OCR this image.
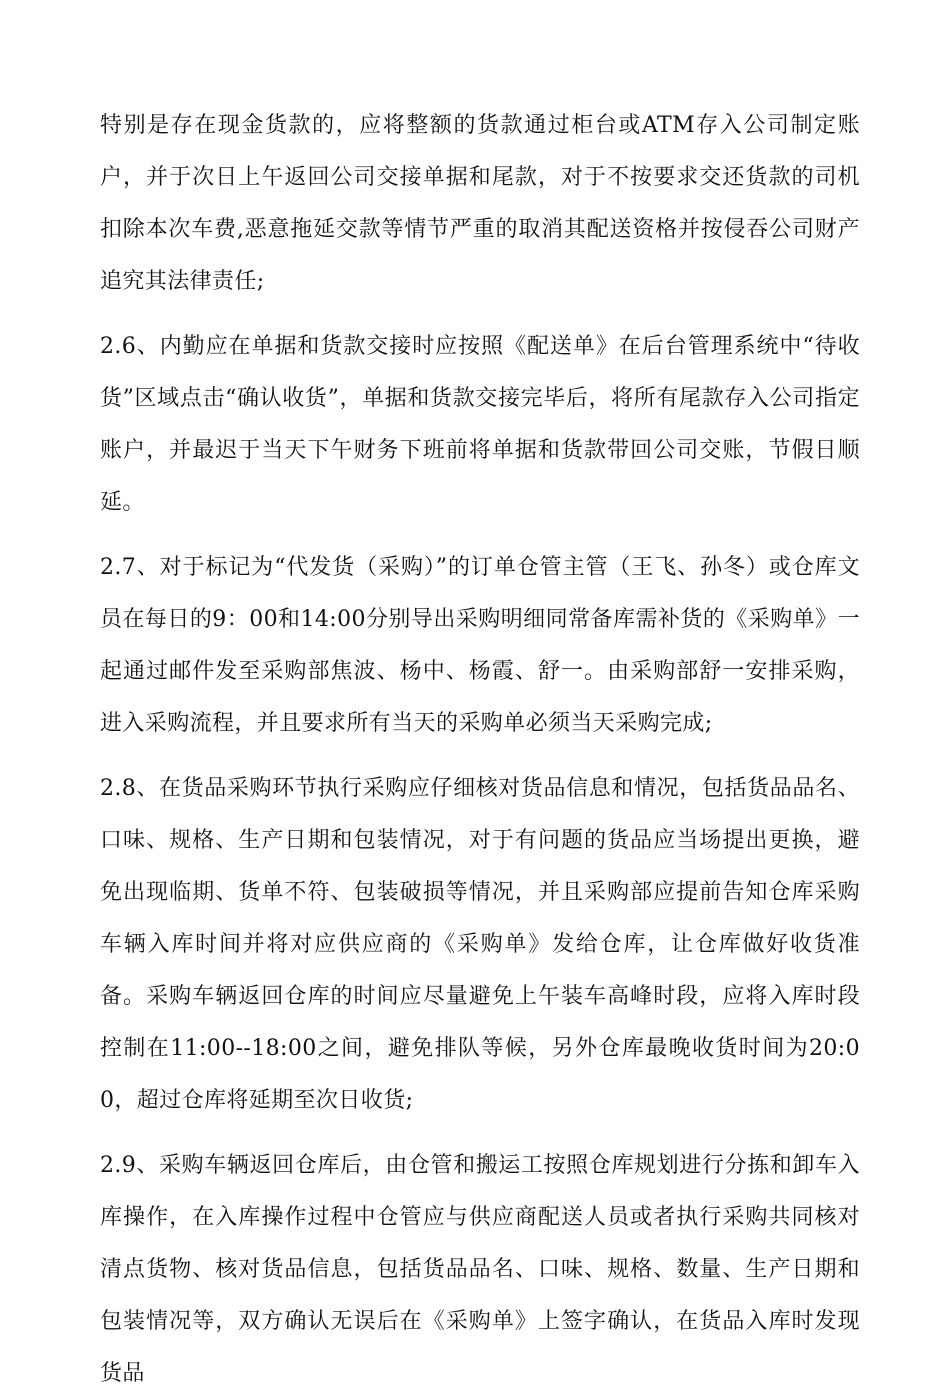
特别是存在现金货款的，应将整额的货款通过柜台或ATM存入公司制定账户，并于次日上午返回公司交接单据和尾款，对于不按要求交还货款的司机扣除本次车费,恶意拖延交款等情节严重的取消其配送资格并按侵吞公司财产追究其法律责任;

2.6、内勤应在单据和货款交接时应按照《配送单》在后台管理系统中“待收货”区域点击“确认收货”，单据和货款交接完毕后，将所有尾款存入公司指定账户，并最迟于当天下午财务下班前将单据和货款带回公司交账，节假日顺延。

2.7、对于标记为“代发货（采购）”的订单仓管主管（王飞、孙冬）或仓库文员在每日的9：00和14:00分别导出采购明细同常备库需补货的《采购单》一起通过邮件发至采购部焦波、杨中、杨霞、舒一。由采购部舒一安排采购，进入采购流程，并且要求所有当天的采购单必须当天采购完成;

2.8、在货品采购环节执行采购应仔细核对货品信息和情况，包括货品品名、口味、规格、生产日期和包装情况，对于有问题的货品应当场提出更换，避免出现临期、货单不符、包装破损等情况，并且采购部应提前告知仓库采购车辆入库时间并将对应供应商的《采购单》发给仓库，让仓库做好收货准备。采购车辆返回仓库的时间应尽量避免上午装车高峰时段，应将入库时段控制在11:00--18:00之间，避免排队等候，另外仓库最晚收货时间为20:00，超过仓库将延期至次日收货;

2.9、采购车辆返回仓库后，由仓管和搬运工按照仓库规划进行分拣和卸车入库操作，在入库操作过程中仓管应与供应商配送人员或者执行采购共同核对清点货物、核对货品信息，包括货品品名、口味、规格、数量、生产日期和包装情况等，双方确认无误后在《采购单》上签字确认，在货品入库时发现货品
